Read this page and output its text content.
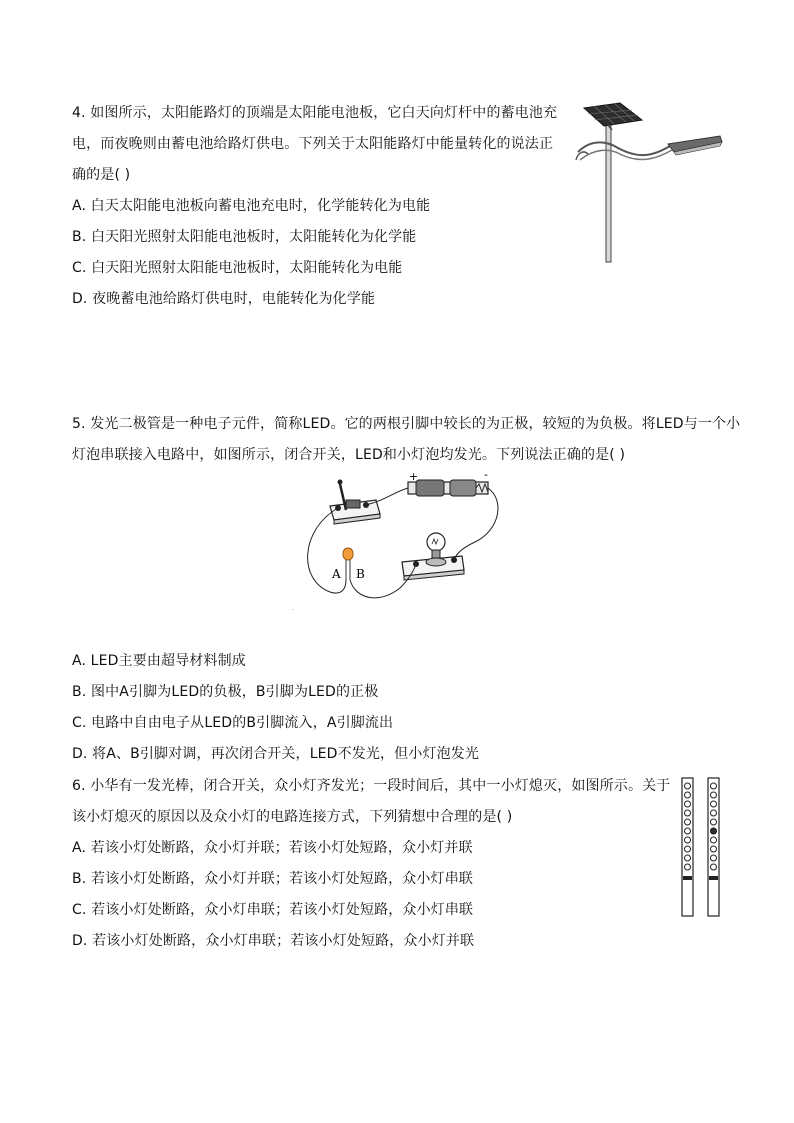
4. 如图所示，太阳能路灯的顶端是太阳能电池板，它白天向灯杆中的蓄电池充
电，而夜晚则由蓄电池给路灯供电。下列关于太阳能路灯中能量转化的说法正
确的是( )
A. 白天太阳能电池板向蓄电池充电时，化学能转化为电能
B. 白天阳光照射太阳能电池板时，太阳能转化为化学能
C. 白天阳光照射太阳能电池板时，太阳能转化为电能
D. 夜晚蓄电池给路灯供电时，电能转化为化学能
5. 发光二极管是一种电子元件，简称LED。它的两根引脚中较长的为正极，较短的为负极。将LED与一个小
灯泡串联接入电路中，如图所示，闭合开关，LED和小灯泡均发光。下列说法正确的是( )
+	-
A B
.
A. LED主要由超导材料制成
B. 图中A引脚为LED的负极，B引脚为LED的正极
C. 电路中自由电子从LED的B引脚流入，A引脚流出
D. 将A、B引脚对调，再次闭合开关，LED不发光，但小灯泡发光
6. 小华有一发光棒，闭合开关，众小灯齐发光；一段时间后，其中一小灯熄灭，如图所示。关于
该小灯熄灭的原因以及众小灯的电路连接方式，下列猜想中合理的是( )
A. 若该小灯处断路，众小灯并联；若该小灯处短路，众小灯并联
B. 若该小灯处断路，众小灯并联；若该小灯处短路，众小灯串联
C. 若该小灯处断路，众小灯串联；若该小灯处短路，众小灯串联
D. 若该小灯处断路，众小灯串联；若该小灯处短路，众小灯并联
